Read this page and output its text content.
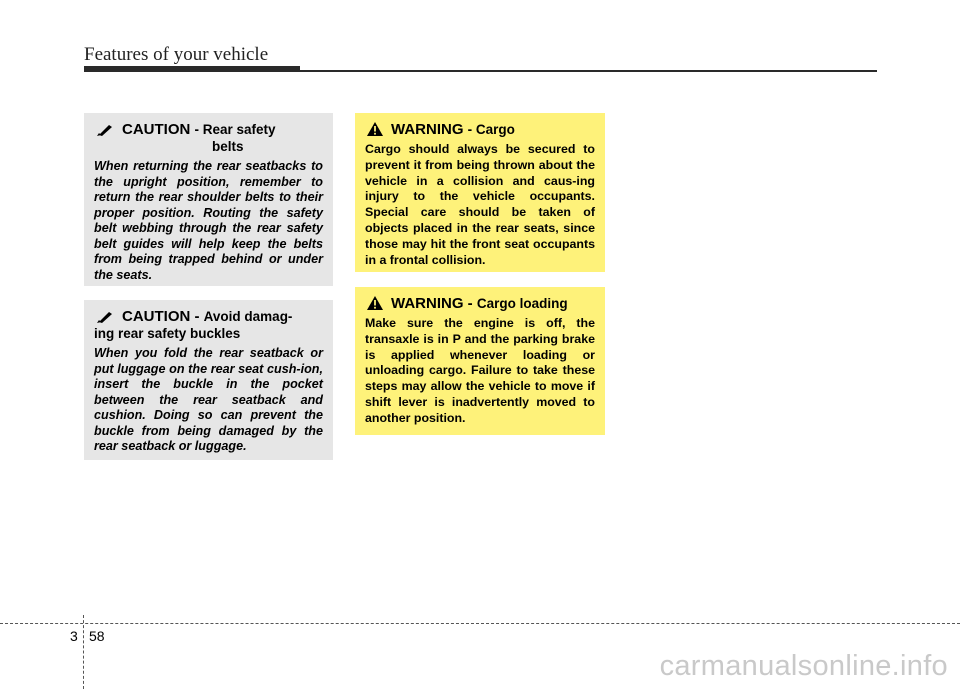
Features of your vehicle
CAUTION - Rear safety
belts
When returning the rear seatbacks to the upright position, remember to return the rear shoulder belts to their proper position. Routing the safety belt webbing through the rear safety belt guides will help keep the belts from being trapped behind or under the seats.
CAUTION - Avoid damag-
ing rear safety buckles
When you fold the rear seatback or put luggage on the rear seat cush-ion, insert the buckle in the pocket between the rear seatback and cushion. Doing so can prevent the buckle from being damaged by the rear seatback or luggage.
WARNING - Cargo
Cargo should always be secured to prevent it from being thrown about the vehicle in a collision and caus-ing injury to the vehicle occupants. Special care should be taken of objects placed in the rear seats, since those may hit the front seat occupants in a frontal collision.
WARNING - Cargo loading
Make sure the engine is off, the transaxle is in P and the parking brake is applied whenever loading or unloading cargo. Failure to take these steps may allow the vehicle to move if shift lever is inadvertently moved to another position.
3 58
carmanualsonline.info
